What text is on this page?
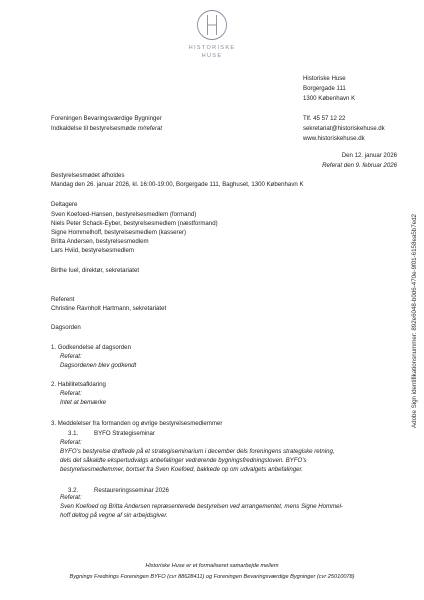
HISTORISKE
HUSE
Historiske Huse
Borgergade 111
1300 København K
Tlf. 45 57 12 22
sekretariat@historiskehuse.dk
www.historiskehuse.dk
Foreningen Bevaringsværdige Bygninger
Indkaldelse til bestyrelsesmøde m/referat
Den 12. januar 2026
Referat den 9. februar 2026
Bestyrelsesmødet afholdes
Mandag den 26. januar 2026, kl. 16:00-19:00, Borgergade 111, Baghuset, 1300 København K
Deltagere
Sven Koefoed-Hansen, bestyrelsesmedlem (formand)
Niels Peter Schack-Eyber, bestyrelsesmedlem (næstformand)
Signe Hommelhoff, bestyrelsesmedlem (kasserer)
Britta Andersen, bestyrelsesmedlem
Lars Hviid, bestyrelsesmedlem
Birthe Iuel, direktør, sekretariatet
Referent
Christine Ravnholt Hartmann, sekretariatet
Dagsorden
1. Godkendelse af dagsorden
Referat:
Dagsordenen blev godkendt
2. Habilitetsafklaring
Referat:
Intet at bemærke
3. Meddelelser fra formanden og øvrige bestyrelsesmedlemmer
3.1.	BYFO Strategiseminar
Referat:
BYFO’s bestyrelse drøftede på et strategiseminarium i december dels foreningens strategiske retning,
dels det såkaldte ekspertudvalgs anbefalinger vedrørende bygningsfredningsloven. BYFO’s
bestyrelsesmedlemmer, bortset fra Sven Koefoed, bakkede op om udvalgets anbefalinger.
3.2.	Restaureringsseminar 2026
Sven Koefoed og Britta Andersen repræsenterede bestyrelsen ved arrangementet, mens Signe Hommel-
hoff deltog på vegne af sin arbejdsgiver.
Referat:
Adobe Sign identifikationsnummer: 892e6048-b0d6-470e-9f01-6158ea5b7ed2
Historiske Huse er et formaliseret samarbejde mellem
Bygnings Frednings Foreningen BYFO (cvr 88628411) og Foreningen Bevaringsværdige Bygninger (cvr 25010078)
